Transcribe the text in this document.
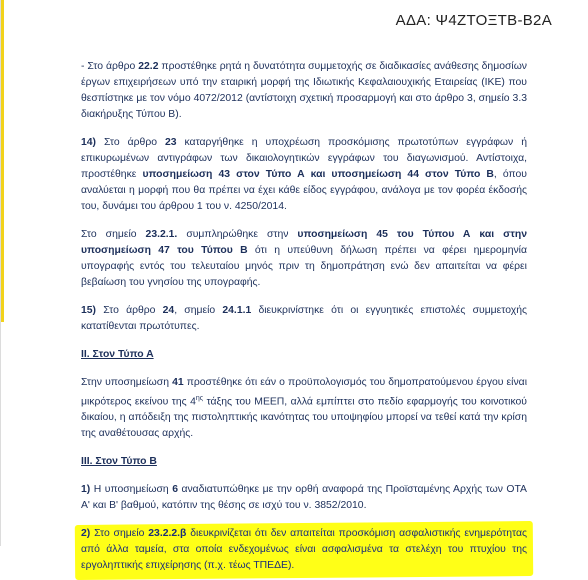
ΑΔΑ: Ψ4ΖΤΟΞΤΒ-Β2Α

- Στο άρθρο 22.2 προστέθηκε ρητά η δυνατότητα συμμετοχής σε διαδικασίες ανάθεσης δημοσίων έργων επιχειρήσεων υπό την εταιρική μορφή της Ιδιωτικής Κεφαλαιουχικής Εταιρείας (ΙΚΕ) που θεσπίστηκε με τον νόμο 4072/2012 (αντίστοιχη σχετική προσαρμογή και στο άρθρο 3, σημείο 3.3 διακήρυξης Τύπου Β).

14) Στο άρθρο 23 καταργήθηκε η υποχρέωση προσκόμισης πρωτοτύπων εγγράφων ή επικυρωμένων αντιγράφων των δικαιολογητικών εγγράφων του διαγωνισμού. Αντίστοιχα, προστέθηκε υποσημείωση 43 στον Τύπο Α και υποσημείωση 44 στον Τύπο Β, όπου αναλύεται η μορφή που θα πρέπει να έχει κάθε είδος εγγράφου, ανάλογα με τον φορέα έκδοσής του, δυνάμει του άρθρου 1 του ν. 4250/2014.

Στο σημείο 23.2.1. συμπληρώθηκε στην υποσημείωση 45 του Τύπου Α και στην υποσημείωση 47 του Τύπου Β ότι η υπεύθυνη δήλωση πρέπει να φέρει ημερομηνία υπογραφής εντός του τελευταίου μηνός πριν τη δημοπράτηση ενώ δεν απαιτείται να φέρει βεβαίωση του γνησίου της υπογραφής.

15) Στο άρθρο 24, σημείο 24.1.1 διευκρινίστηκε ότι οι εγγυητικές επιστολές συμμετοχής κατατίθενται πρωτότυπες.

ΙΙ. Στον Τύπο Α

Στην υποσημείωση 41 προστέθηκε ότι εάν ο προϋπολογισμός του δημοπρατούμενου έργου είναι μικρότερος εκείνου της $4^{\eta\varsigma}$ τάξης του ΜΕΕΠ, αλλά εμπίπτει στο πεδίο εφαρμογής του κοινοτικού δικαίου, η απόδειξη της πιστοληπτικής ικανότητας του υποψηφίου μπορεί να τεθεί κατά την κρίση της αναθέτουσας αρχής.

ΙΙΙ. Στον Τύπο Β

1) Η υποσημείωση 6 αναδιατυπώθηκε με την ορθή αναφορά της Προϊσταμένης Αρχής των ΟΤΑ Α' και Β' βαθμού, κατόπιν της θέσης σε ισχύ του ν. 3852/2010.

2) Στο σημείο 23.2.2.β διευκρινίζεται ότι δεν απαιτείται προσκόμιση ασφαλιστικής ενημερότητας από άλλα ταμεία, στα οποία ενδεχομένως είναι ασφαλισμένα τα στελέχη του πτυχίου της εργοληπτικής επιχείρησης (π.χ. τέως ΤΠΕΔΕ).
